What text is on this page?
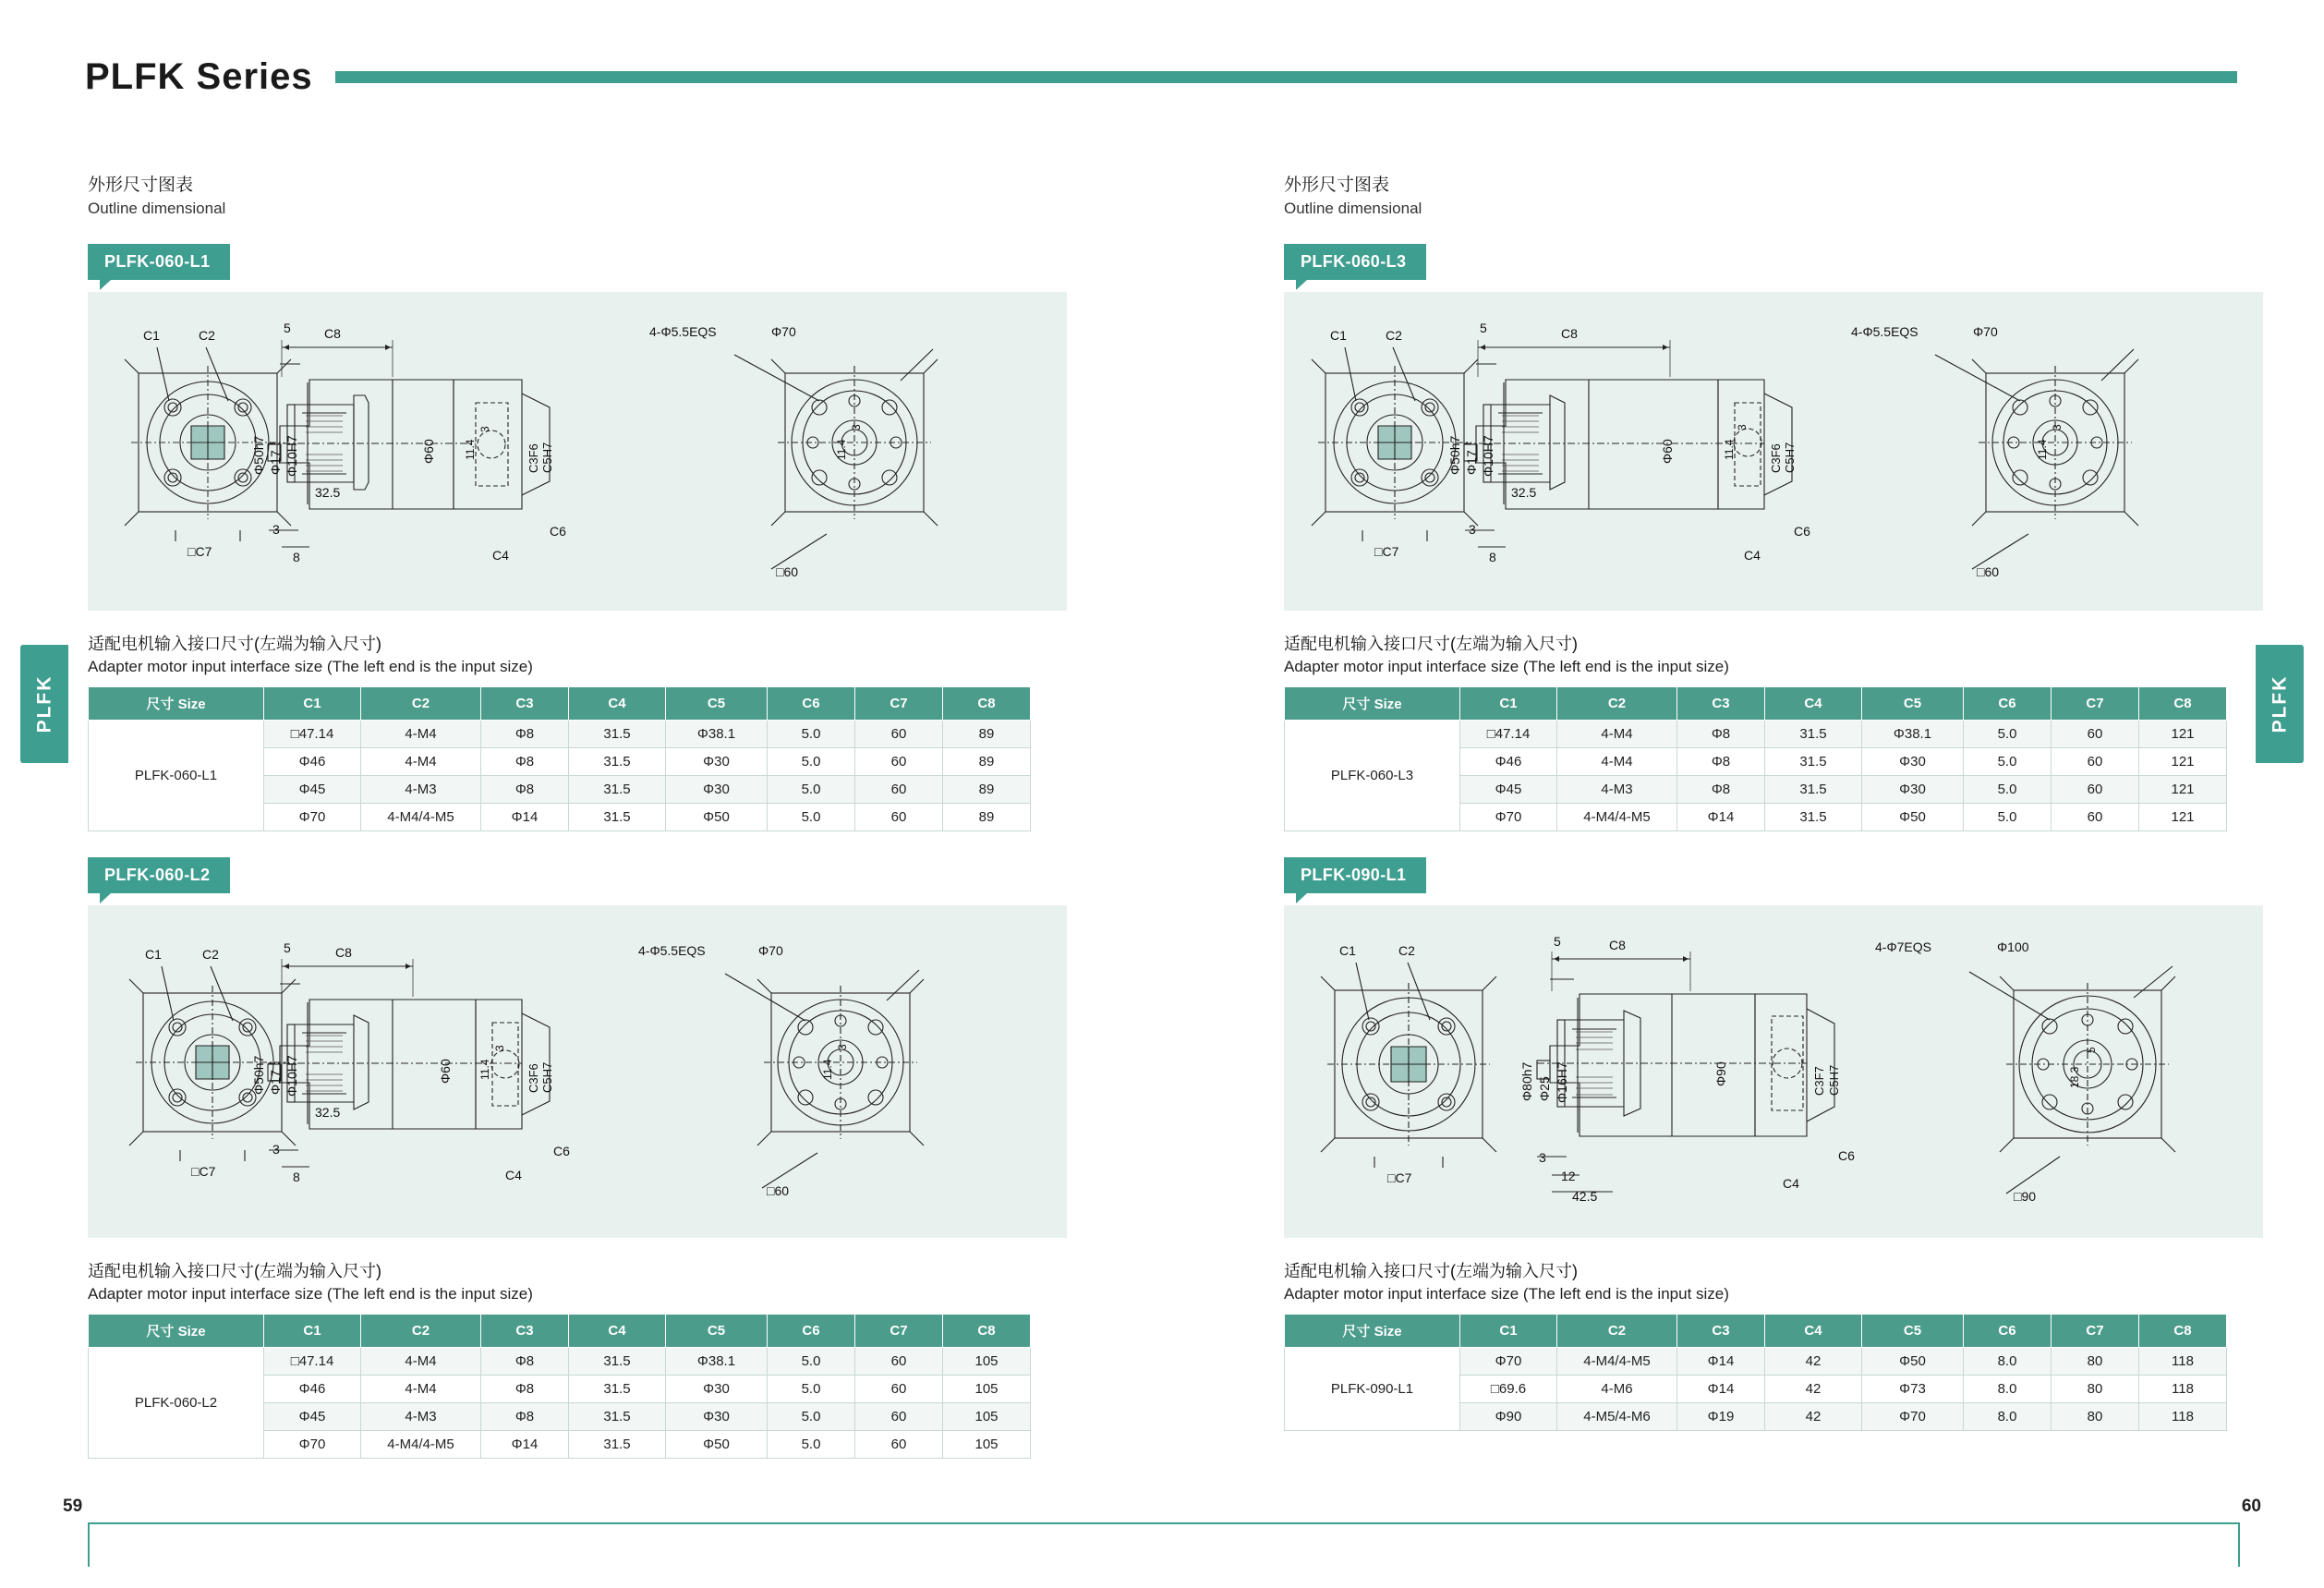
PLFK Series
PLFK	PLFK
外形尺寸图表
Outline dimensional
PLFK-060-L1
C1	C2
□C7
C8
5
Φ50h7 Φ17 Φ10H7
32.5
3
8
Φ60	C3F6 C5H7
C4
C6
11.4
3
4-Φ5.5EQS	Φ70
□60
11.4
3
适配电机输入接口尺寸(左端为输入尺寸)
Adapter motor input interface size (The left end is the input size)
尺寸 Size	C1	C2	C3	C4	C5	C6	C7	C8
PLFK-060-L1	□47.14	4-M4	Φ8	31.5	Φ38.1	5.0	60	89
	Φ46	4-M4	Φ8	31.5	Φ30	5.0	60	89
	Φ45	4-M3	Φ8	31.5	Φ30	5.0	60	89
	Φ70	4-M4/4-M5	Φ14	31.5	Φ50	5.0	60	89
PLFK-060-L2
C1	C2
□C7
C8
5
Φ50h7 Φ17 Φ10H7
32.5
3
8
Φ60	C3F6 C5H7
C4
C6
11.4
3
4-Φ5.5EQS	Φ70
□60
11.4
3
适配电机输入接口尺寸(左端为输入尺寸)
Adapter motor input interface size (The left end is the input size)
尺寸 Size	C1	C2	C3	C4	C5	C6	C7	C8
PLFK-060-L2	□47.14	4-M4	Φ8	31.5	Φ38.1	5.0	60	105
	Φ46	4-M4	Φ8	31.5	Φ30	5.0	60	105
	Φ45	4-M3	Φ8	31.5	Φ30	5.0	60	105
	Φ70	4-M4/4-M5	Φ14	31.5	Φ50	5.0	60	105
外形尺寸图表
Outline dimensional
PLFK-060-L3
C1	C2
□C7
C8
5
Φ50h7 Φ17 Φ10H7
32.5
3
8
Φ60	C3F6 C5H7
C4
C6
11.4
3
4-Φ5.5EQS	Φ70
□60
11.4
3
适配电机输入接口尺寸(左端为输入尺寸)
Adapter motor input interface size (The left end is the input size)
尺寸 Size	C1	C2	C3	C4	C5	C6	C7	C8
PLFK-060-L3	□47.14	4-M4	Φ8	31.5	Φ38.1	5.0	60	121
	Φ46	4-M4	Φ8	31.5	Φ30	5.0	60	121
	Φ45	4-M3	Φ8	31.5	Φ30	5.0	60	121
	Φ70	4-M4/4-M5	Φ14	31.5	Φ50	5.0	60	121
PLFK-090-L1
C1	C2
□C7
C8
5
Φ80h7 Φ25 Φ16H7
3
12
42.5
Φ90	C3F7 C5H7
C4
C6
4-Φ7EQS	Φ100
□90
18.3
5
适配电机输入接口尺寸(左端为输入尺寸)
Adapter motor input interface size (The left end is the input size)
尺寸 Size	C1	C2	C3	C4	C5	C6	C7	C8
PLFK-090-L1	Φ70	4-M4/4-M5	Φ14	42	Φ50	8.0	80	118
	□69.6	4-M6	Φ14	42	Φ73	8.0	80	118
	Φ90	4-M5/4-M6	Φ19	42	Φ70	8.0	80	118
59	60
